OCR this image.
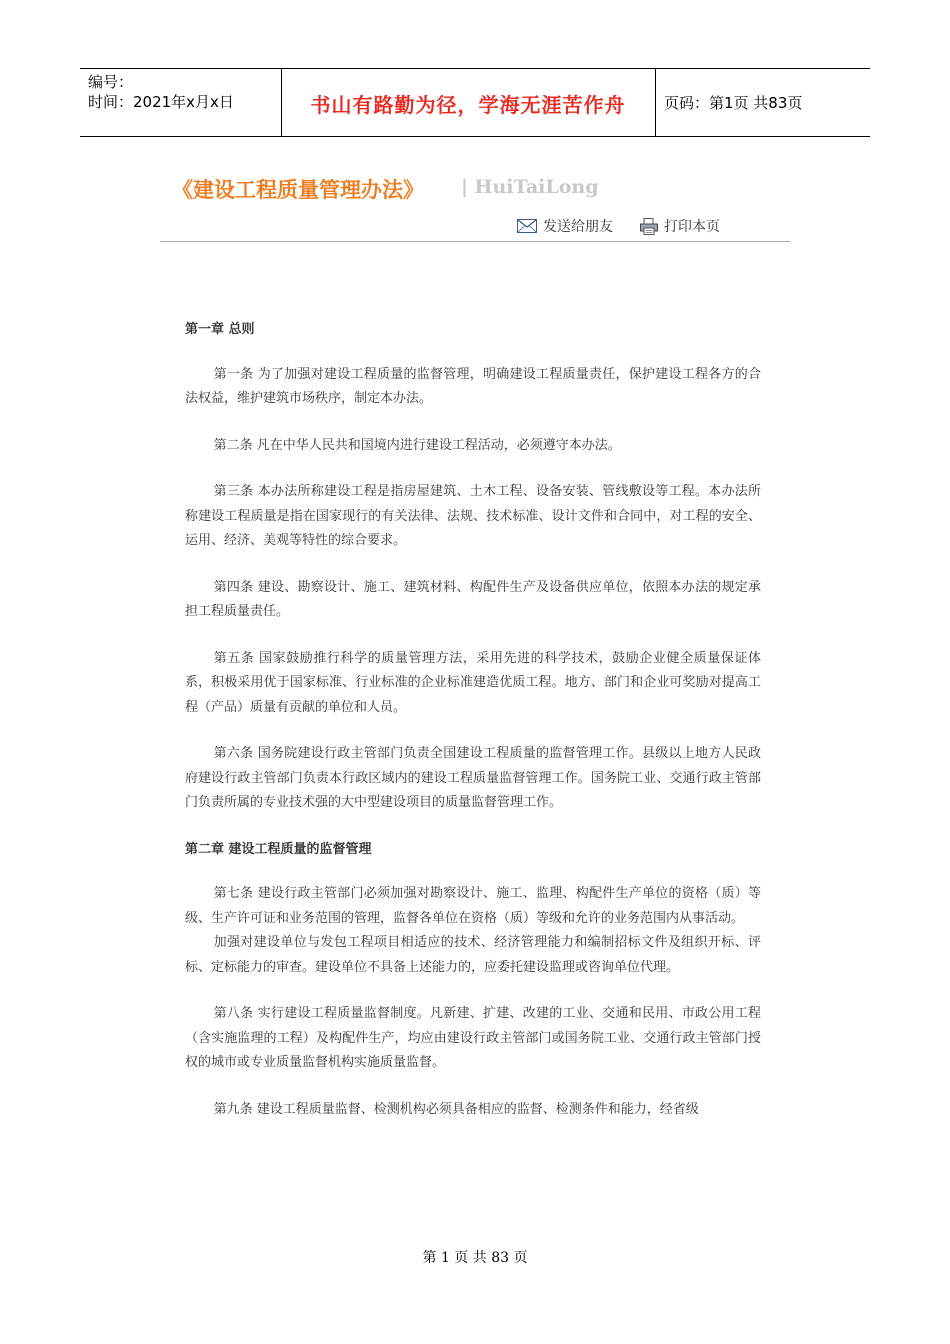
编号：
时间：2021年x月x日	书山有路勤为径，学海无涯苦作舟	页码：第1页 共83页
《建设工程质量管理办法》 | HuiTaiLong
发送给朋友	打印本页

第一章 总则

第一条 为了加强对建设工程质量的监督管理，明确建设工程质量责任，保护建设工程各方的合法权益，维护建筑市场秩序，制定本办法。

第二条 凡在中华人民共和国境内进行建设工程活动，必须遵守本办法。

第三条 本办法所称建设工程是指房屋建筑、土木工程、设备安装、管线敷设等工程。本办法所称建设工程质量是指在国家现行的有关法律、法规、技术标准、设计文件和合同中，对工程的安全、运用、经济、美观等特性的综合要求。

第四条 建设、勘察设计、施工、建筑材料、构配件生产及设备供应单位，依照本办法的规定承担工程质量责任。

第五条 国家鼓励推行科学的质量管理方法，采用先进的科学技术，鼓励企业健全质量保证体系，积极采用优于国家标准、行业标准的企业标准建造优质工程。地方、部门和企业可奖励对提高工程（产品）质量有贡献的单位和人员。

第六条 国务院建设行政主管部门负责全国建设工程质量的监督管理工作。县级以上地方人民政府建设行政主管部门负责本行政区域内的建设工程质量监督管理工作。国务院工业、交通行政主管部门负责所属的专业技术强的大中型建设项目的质量监督管理工作。

第二章 建设工程质量的监督管理

第七条 建设行政主管部门必须加强对勘察设计、施工、监理、构配件生产单位的资格（质）等级、生产许可证和业务范围的管理，监督各单位在资格（质）等级和允许的业务范围内从事活动。

加强对建设单位与发包工程项目相适应的技术、经济管理能力和编制招标文件及组织开标、评标、定标能力的审查。建设单位不具备上述能力的，应委托建设监理或咨询单位代理。

第八条 实行建设工程质量监督制度。凡新建、扩建、改建的工业、交通和民用、市政公用工程（含实施监理的工程）及构配件生产，均应由建设行政主管部门或国务院工业、交通行政主管部门授权的城市或专业质量监督机构实施质量监督。

第九条 建设工程质量监督、检测机构必须具备相应的监督、检测条件和能力，经省级

第 1 页 共 83 页
